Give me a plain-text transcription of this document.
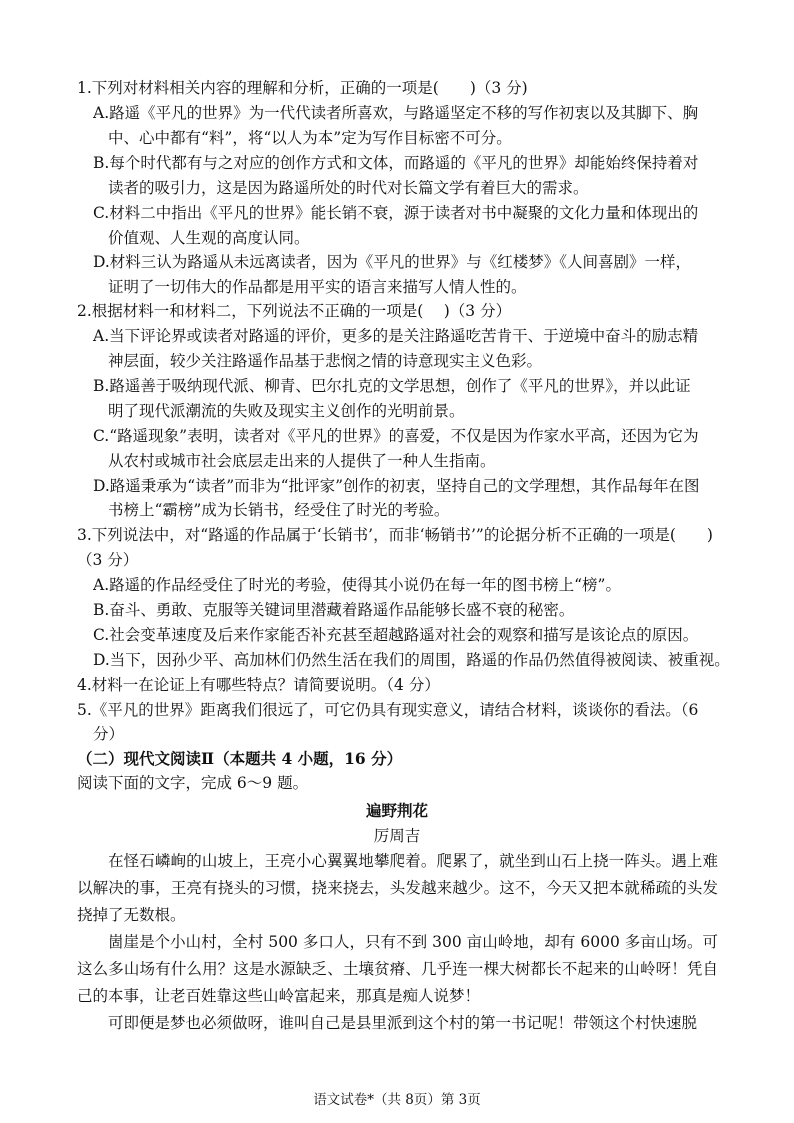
1.下列对材料相关内容的理解和分析，正确的一项是(　　)（3 分)
A.路遥《平凡的世界》为一代代读者所喜欢，与路遥坚定不移的写作初衷以及其脚下、胸
中、心中都有“料”，将“以人为本”定为写作目标密不可分。
B.每个时代都有与之对应的创作方式和文体，而路遥的《平凡的世界》却能始终保持着对
读者的吸引力，这是因为路遥所处的时代对长篇文学有着巨大的需求。
C.材料二中指出《平凡的世界》能长销不衰，源于读者对书中凝聚的文化力量和体现出的
价值观、人生观的高度认同。
D.材料三认为路遥从未远离读者，因为《平凡的世界》与《红楼梦》《人间喜剧》一样，
证明了一切伟大的作品都是用平实的语言来描写人情人性的。
2.根据材料一和材料二，下列说法不正确的一项是(　 )（3 分）
A.当下评论界或读者对路遥的评价，更多的是关注路遥吃苦肯干、于逆境中奋斗的励志精
神层面，较少关注路遥作品基于悲悯之情的诗意现实主义色彩。
B.路遥善于吸纳现代派、柳青、巴尔扎克的文学思想，创作了《平凡的世界》，并以此证
明了现代派潮流的失败及现实主义创作的光明前景。
C.“路遥现象”表明，读者对《平凡的世界》的喜爱，不仅是因为作家水平高，还因为它为
从农村或城市社会底层走出来的人提供了一种人生指南。
D.路遥秉承为“读者”而非为“批评家”创作的初衷，坚持自己的文学理想，其作品每年在图
书榜上“霸榜”成为长销书，经受住了时光的考验。
3.下列说法中，对“路遥的作品属于‘长销书’，而非‘畅销书’”的论据分析不正确的一项是(　　)
（3 分）
A.路遥的作品经受住了时光的考验，使得其小说仍在每一年的图书榜上“榜”。
B.奋斗、勇敢、克服等关键词里潜藏着路遥作品能够长盛不衰的秘密。
C.社会变革速度及后来作家能否补充甚至超越路遥对社会的观察和描写是该论点的原因。
D.当下，因孙少平、高加林们仍然生活在我们的周围，路遥的作品仍然值得被阅读、被重视。
4.材料一在论证上有哪些特点？请简要说明。（4 分）
5.《平凡的世界》距离我们很远了，可它仍具有现实意义，请结合材料，谈谈你的看法。（6
分）
（二）现代文阅读Ⅱ（本题共 4 小题，16 分）
阅读下面的文字，完成 6～9 题。
遍野荆花
厉周吉
在怪石嶙峋的山坡上，王亮小心翼翼地攀爬着。爬累了，就坐到山石上挠一阵头。遇上难以解决的事，王亮有挠头的习惯，挠来挠去，头发越来越少。这不，今天又把本就稀疏的头发挠掉了无数根。
崮崖是个小山村，全村 500 多口人，只有不到 300 亩山岭地，却有 6000 多亩山场。可这么多山场有什么用？这是水源缺乏、土壤贫瘠、几乎连一棵大树都长不起来的山岭呀！凭自己的本事，让老百姓靠这些山岭富起来，那真是痴人说梦！
可即便是梦也必须做呀，谁叫自己是县里派到这个村的第一书记呢！带领这个村快速脱
语文试卷*（共 8页）第 3页
